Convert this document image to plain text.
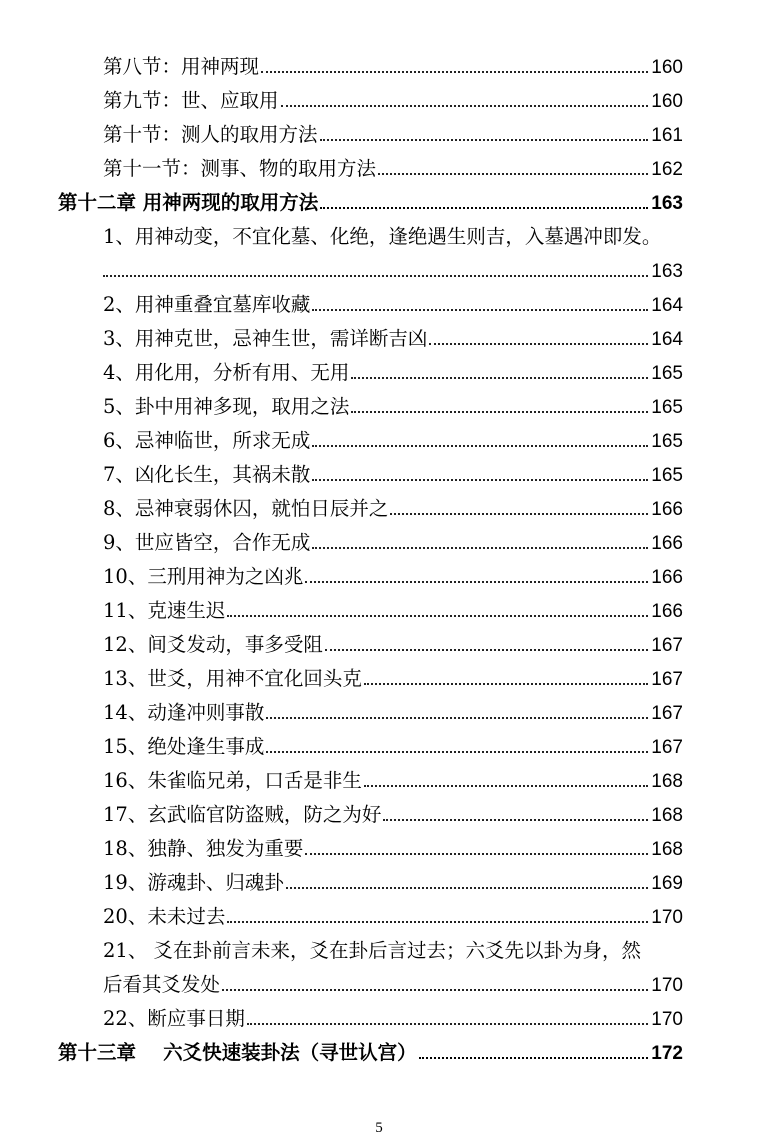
第八节：用神两现	160
第九节：世、应取用	160
第十节：测人的取用方法	161
第十一节：测事、物的取用方法	162
第十二章 用神两现的取用方法	163
1、用神动变，不宜化墓、化绝，逢绝遇生则吉，入墓遇冲即发。
163
2、用神重叠宜墓库收藏	164
3、用神克世，忌神生世，需详断吉凶	164
4、用化用，分析有用、无用	165
5、卦中用神多现，取用之法	165
6、忌神临世，所求无成	165
7、凶化长生，其祸未散	165
8、忌神衰弱休囚，就怕日辰并之	166
9、世应皆空，合作无成	166
10、三刑用神为之凶兆	166
11、克速生迟	166
12、间爻发动，事多受阻	167
13、世爻，用神不宜化回头克	167
14、动逢冲则事散	167
15、绝处逢生事成	167
16、朱雀临兄弟，口舌是非生	168
17、玄武临官防盗贼，防之为好	168
18、独静、独发为重要	168
19、游魂卦、归魂卦	169
20、未未过去	170
21、 爻在卦前言未来，爻在卦后言过去；六爻先以卦为身，然
后看其爻发处	170
22、断应事日期	170
第十三章    六爻快速装卦法（寻世认宫）	172
5
